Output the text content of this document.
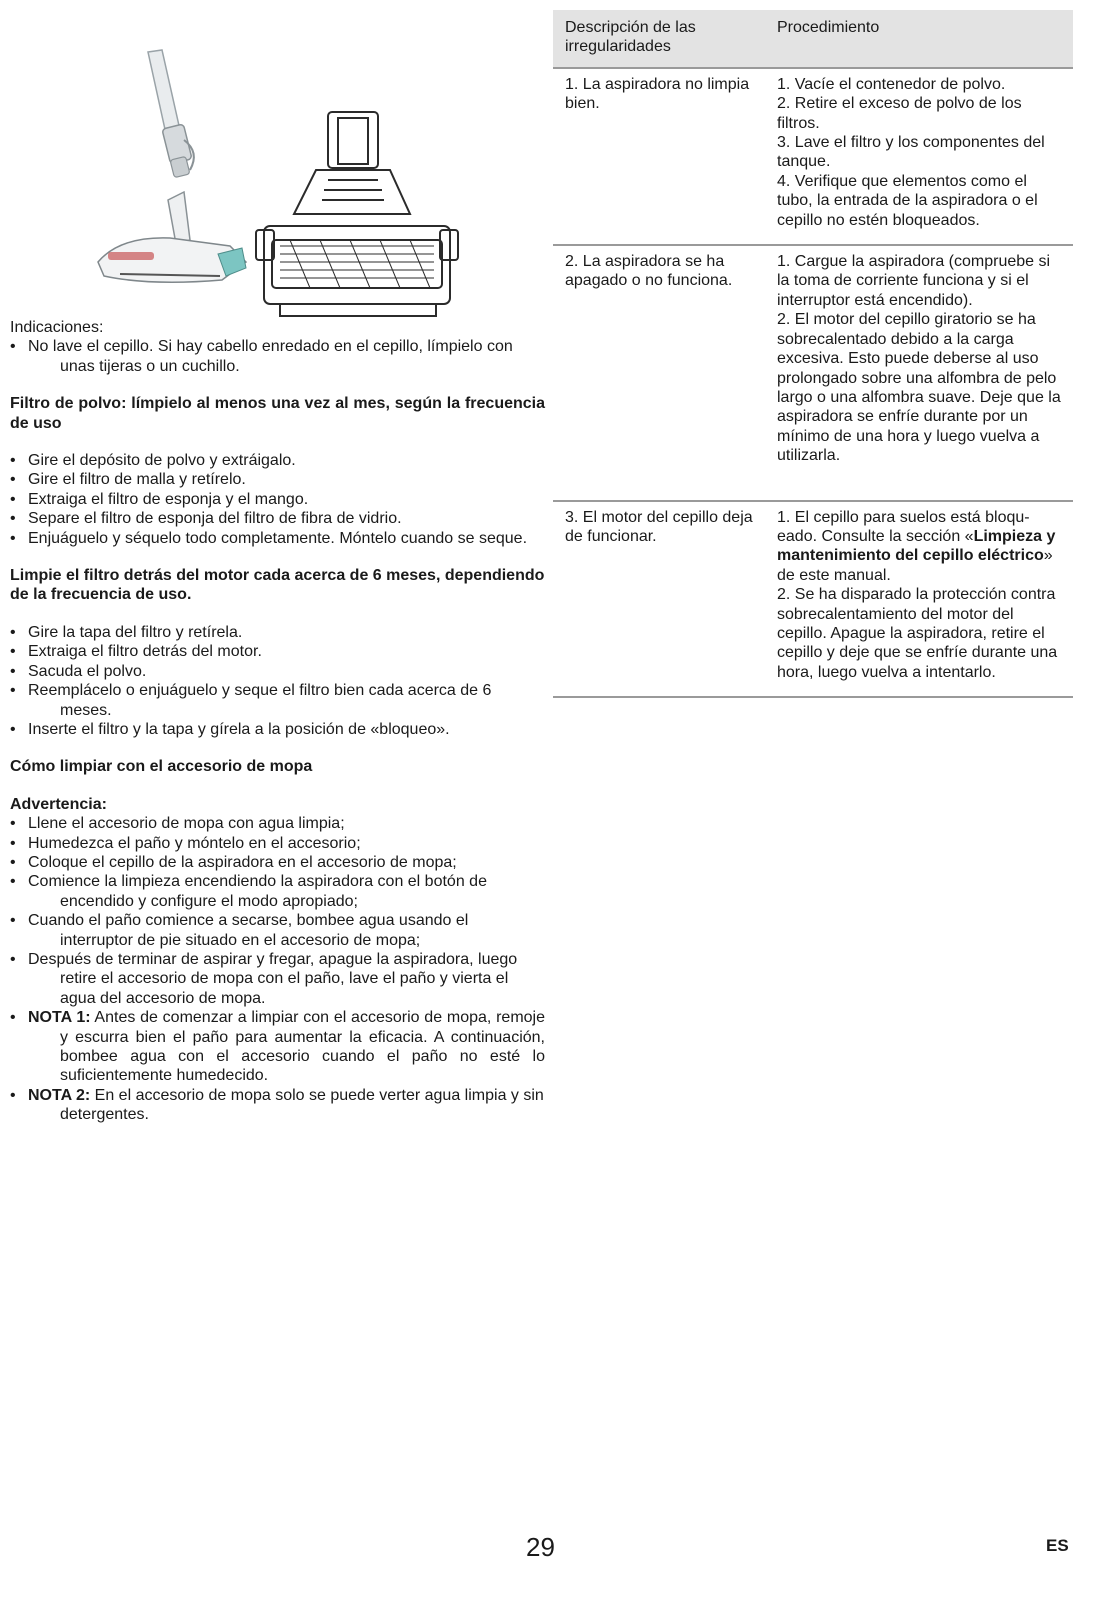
Indicaciones:

• No lave el cepillo. Si hay cabello enredado en el cepillo, límpielo con unas tijeras o un cuchillo.

Filtro de polvo: límpielo al menos una vez al mes, según la frecuencia de uso

• Gire el depósito de polvo y extráigalo.
• Gire el filtro de malla y retírelo.
• Extraiga el filtro de esponja y el mango.
• Separe el filtro de esponja del filtro de fibra de vidrio.
• Enjuáguelo y séquelo todo completamente. Móntelo cuando se seque.

Limpie el filtro detrás del motor cada acerca de 6 meses, dependiendo de la frecuencia de uso.

• Gire la tapa del filtro y retírela.
• Extraiga el filtro detrás del motor.
• Sacuda el polvo.
• Reemplácelo o enjuáguelo y seque el filtro bien cada acerca de 6 meses.
• Inserte el filtro y la tapa y gírela a la posición de «bloqueo».

Cómo limpiar con el accesorio de mopa

Advertencia:

• Llene el accesorio de mopa con agua limpia;
• Humedezca el paño y móntelo en el accesorio;
• Coloque el cepillo de la aspiradora en el accesorio de mopa;
• Comience la limpieza encendiendo la aspiradora con el botón de encendido y configure el modo apropiado;
• Cuando el paño comience a secarse, bombee agua usando el interruptor de pie situado en el accesorio de mopa;
• Después de terminar de aspirar y fregar, apague la aspiradora, luego retire el accesorio de mopa con el paño, lave el paño y vierta el agua del accesorio de mopa.
• NOTA 1: Antes de comenzar a limpiar con el accesorio de mopa, remoje y escurra bien el paño para aumentar la eficacia. A continuación, bombee agua con el accesorio cuando el paño no esté lo suficientemente humedecido.
• NOTA 2: En el accesorio de mopa solo se puede verter agua limpia y sin detergentes.
Descripción de las irregularidades	Procedimiento
1. La aspiradora no limpia bien.	1. Vacíe el contenedor de polvo.
2. Retire el exceso de polvo de los filtros.
3. Lave el filtro y los componentes del tanque.
4. Verifique que elementos como el tubo, la entrada de la aspiradora o el cepillo no estén bloqueados.

2. La aspiradora se ha apagado o no funciona.	1. Cargue la aspiradora (compruebe si la toma de corriente funciona y si el interruptor está encendido).
2. El motor del cepillo giratorio se ha sobrecalentado debido a la carga excesiva. Esto puede deberse al uso prolongado sobre una alfombra de pelo largo o una alfombra suave. Deje que la aspiradora se enfríe durante por un mínimo de una hora y luego vuelva a utilizarla.

3. El motor del cepillo deja de funcionar.	1. El cepillo para suelos está bloqueado. Consulte la sección «Limpieza y mantenimiento del cepillo eléctrico» de este manual.
2. Se ha disparado la protección contra sobrecalentamiento del motor del cepillo. Apague la aspiradora, retire el cepillo y deje que se enfríe durante una hora, luego vuelva a intentarlo.
29	ES
